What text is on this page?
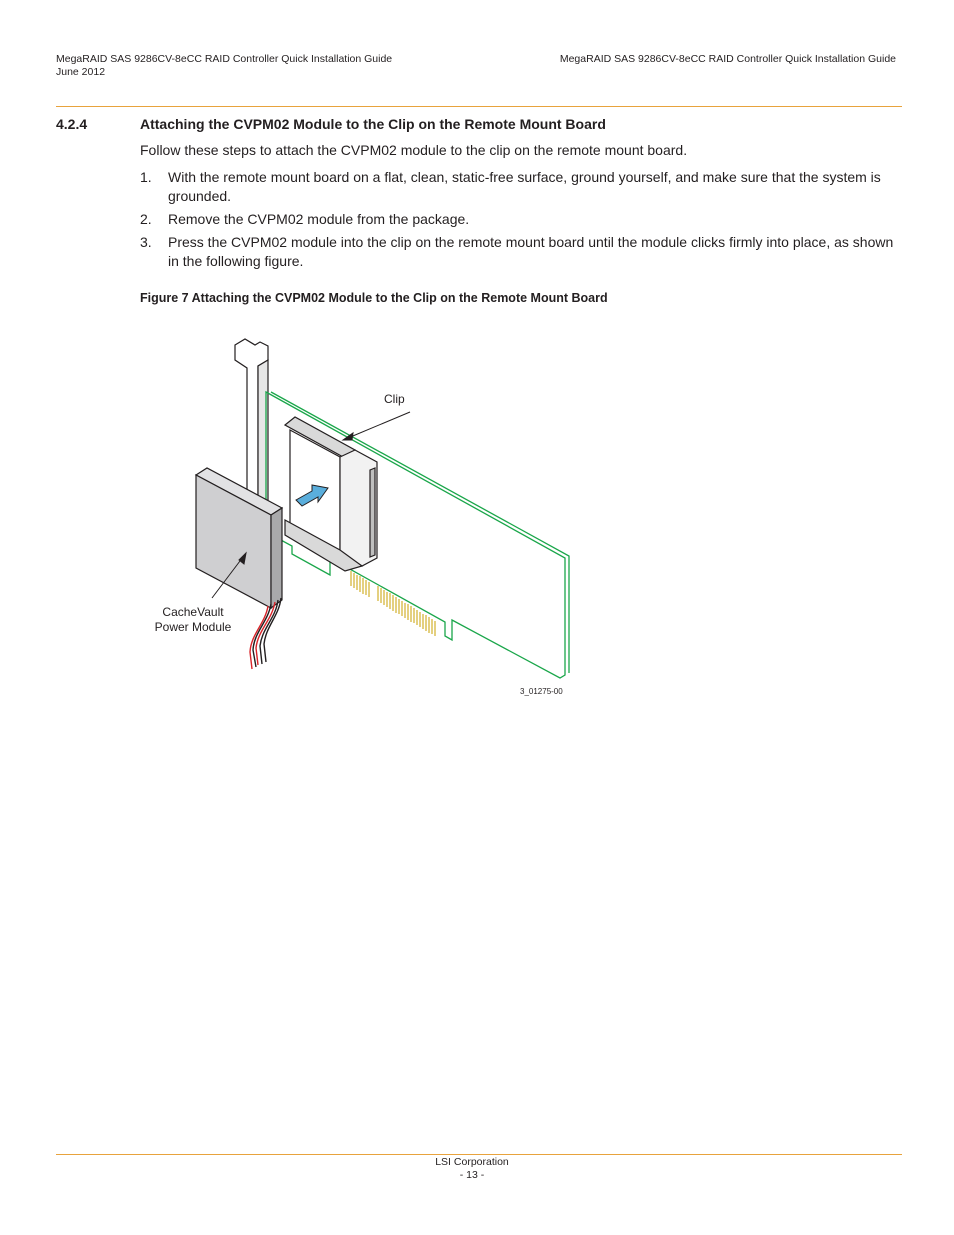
MegaRAID SAS 9286CV-8eCC RAID Controller Quick Installation Guide
June 2012
MegaRAID SAS 9286CV-8eCC RAID Controller Quick Installation Guide
4.2.4	Attaching the CVPM02 Module to the Clip on the Remote Mount Board
Follow these steps to attach the CVPM02 module to the clip on the remote mount board.
1. With the remote mount board on a flat, clean, static-free surface, ground yourself, and make sure that the system is grounded.
2. Remove the CVPM02 module from the package.
3. Press the CVPM02 module into the clip on the remote mount board until the module clicks firmly into place, as shown in the following figure.
Figure 7 Attaching the CVPM02 Module to the Clip on the Remote Mount Board
Clip
CacheVault
Power Module
3_01275-00
LSI Corporation
- 13 -
